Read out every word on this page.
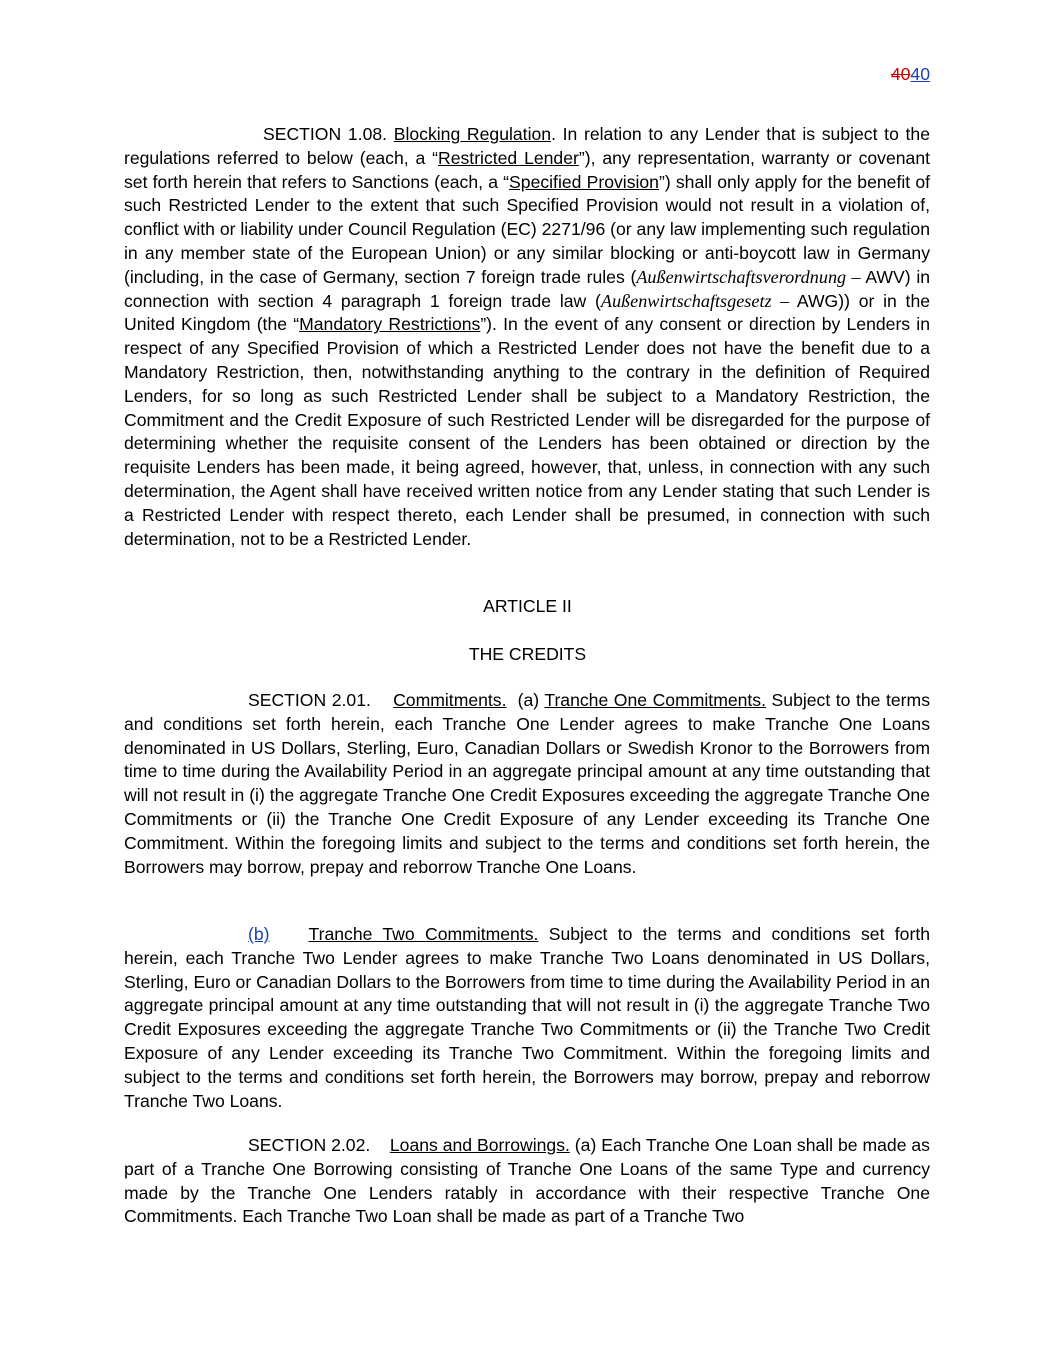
4040

SECTION 1.08. Blocking Regulation. In relation to any Lender that is subject to the regulations referred to below (each, a “Restricted Lender”), any representation, warranty or covenant set forth herein that refers to Sanctions (each, a “Specified Provision”) shall only apply for the benefit of such Restricted Lender to the extent that such Specified Provision would not result in a violation of, conflict with or liability under Council Regulation (EC) 2271/96 (or any law implementing such regulation in any member state of the European Union) or any similar blocking or anti-boycott law in Germany (including, in the case of Germany, section 7 foreign trade rules (Außenwirtschaftsverordnung – AWV) in connection with section 4 paragraph 1 foreign trade law (Außenwirtschaftsgesetz – AWG)) or in the United Kingdom (the “Mandatory Restrictions”). In the event of any consent or direction by Lenders in respect of any Specified Provision of which a Restricted Lender does not have the benefit due to a Mandatory Restriction, then, notwithstanding anything to the contrary in the definition of Required Lenders, for so long as such Restricted Lender shall be subject to a Mandatory Restriction, the Commitment and the Credit Exposure of such Restricted Lender will be disregarded for the purpose of determining whether the requisite consent of the Lenders has been obtained or direction by the requisite Lenders has been made, it being agreed, however, that, unless, in connection with any such determination, the Agent shall have received written notice from any Lender stating that such Lender is a Restricted Lender with respect thereto, each Lender shall be presumed, in connection with such determination, not to be a Restricted Lender.

ARTICLE II
THE CREDITS

SECTION 2.01. Commitments. (a) Tranche One Commitments. Subject to the terms and conditions set forth herein, each Tranche One Lender agrees to make Tranche One Loans denominated in US Dollars, Sterling, Euro, Canadian Dollars or Swedish Kronor to the Borrowers from time to time during the Availability Period in an aggregate principal amount at any time outstanding that will not result in (i) the aggregate Tranche One Credit Exposures exceeding the aggregate Tranche One Commitments or (ii) the Tranche One Credit Exposure of any Lender exceeding its Tranche One Commitment. Within the foregoing limits and subject to the terms and conditions set forth herein, the Borrowers may borrow, prepay and reborrow Tranche One Loans.

(b) Tranche Two Commitments. Subject to the terms and conditions set forth herein, each Tranche Two Lender agrees to make Tranche Two Loans denominated in US Dollars, Sterling, Euro or Canadian Dollars to the Borrowers from time to time during the Availability Period in an aggregate principal amount at any time outstanding that will not result in (i) the aggregate Tranche Two Credit Exposures exceeding the aggregate Tranche Two Commitments or (ii) the Tranche Two Credit Exposure of any Lender exceeding its Tranche Two Commitment. Within the foregoing limits and subject to the terms and conditions set forth herein, the Borrowers may borrow, prepay and reborrow Tranche Two Loans.

SECTION 2.02. Loans and Borrowings. (a) Each Tranche One Loan shall be made as part of a Tranche One Borrowing consisting of Tranche One Loans of the same Type and currency made by the Tranche One Lenders ratably in accordance with their respective Tranche One Commitments. Each Tranche Two Loan shall be made as part of a Tranche Two
